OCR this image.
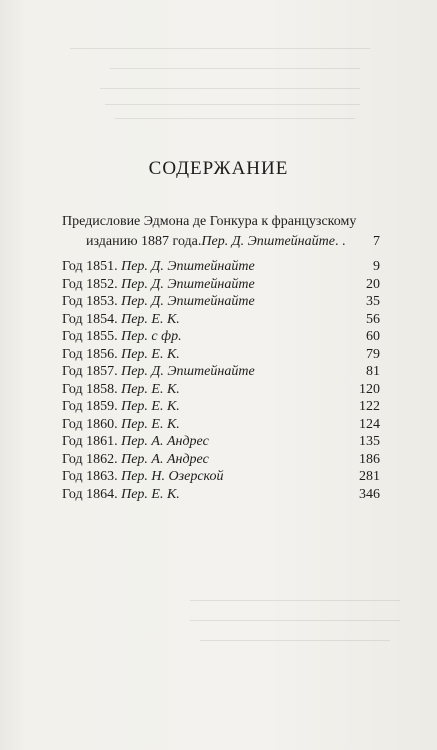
СОДЕРЖАНИЕ
Предисловие Эдмона де Гонкура к французскому
изданию 1887 года. Пер. Д. Эпштейнайте . .	7
Год 1851. Пер. Д. Эпштейнайте	9
Год 1852. Пер. Д. Эпштейнайте	20
Год 1853. Пер. Д. Эпштейнайте	35
Год 1854. Пер. Е. К.	56
Год 1855. Пер. с фр.	60
Год 1856. Пер. Е. К.	79
Год 1857. Пер. Д. Эпштейнайте	81
Год 1858. Пер. Е. К.	120
Год 1859. Пер. Е. К.	122
Год 1860. Пер. Е. К.	124
Год 1861. Пер. А. Андрес	135
Год 1862. Пер. А. Андрес	186
Год 1863. Пер. Н. Озерской	281
Год 1864. Пер. Е. К.	346
